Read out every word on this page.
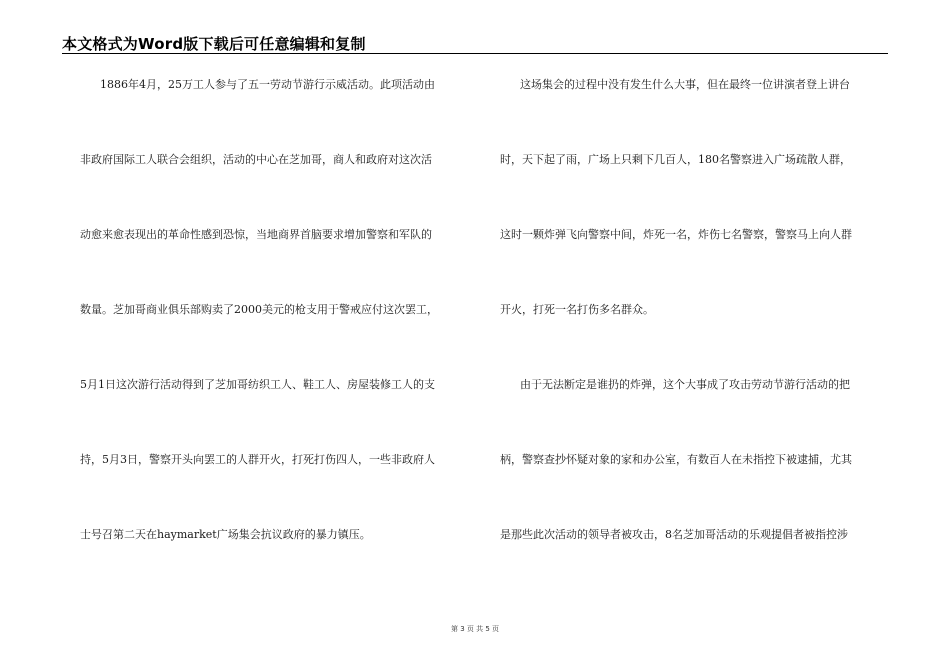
本文格式为Word版下载后可任意编辑和复制
1886年4月，25万工人参与了五一劳动节游行示威活动。此项活动由
非政府国际工人联合会组织，活动的中心在芝加哥，商人和政府对这次活
动愈来愈表现出的革命性感到恐惊，当地商界首脑要求增加警察和军队的
数量。芝加哥商业俱乐部购卖了2000美元的枪支用于警戒应付这次罢工，
5月1日这次游行活动得到了芝加哥纺织工人、鞋工人、房屋装修工人的支
持，5月3日，警察开头向罢工的人群开火，打死打伤四人，一些非政府人
士号召第二天在haymarket广场集会抗议政府的暴力镇压。
这场集会的过程中没有发生什么大事，但在最终一位讲演者登上讲台
时，天下起了雨，广场上只剩下几百人，180名警察进入广场疏散人群，
这时一颗炸弹飞向警察中间，炸死一名，炸伤七名警察，警察马上向人群
开火，打死一名打伤多名群众。
由于无法断定是谁扔的炸弹，这个大事成了攻击劳动节游行活动的把
柄，警察查抄怀疑对象的家和办公室，有数百人在未指控下被逮捕，尤其
是那些此次活动的领导者被攻击，8名芝加哥活动的乐观提倡者被指控涉
第 3 页 共 5 页
